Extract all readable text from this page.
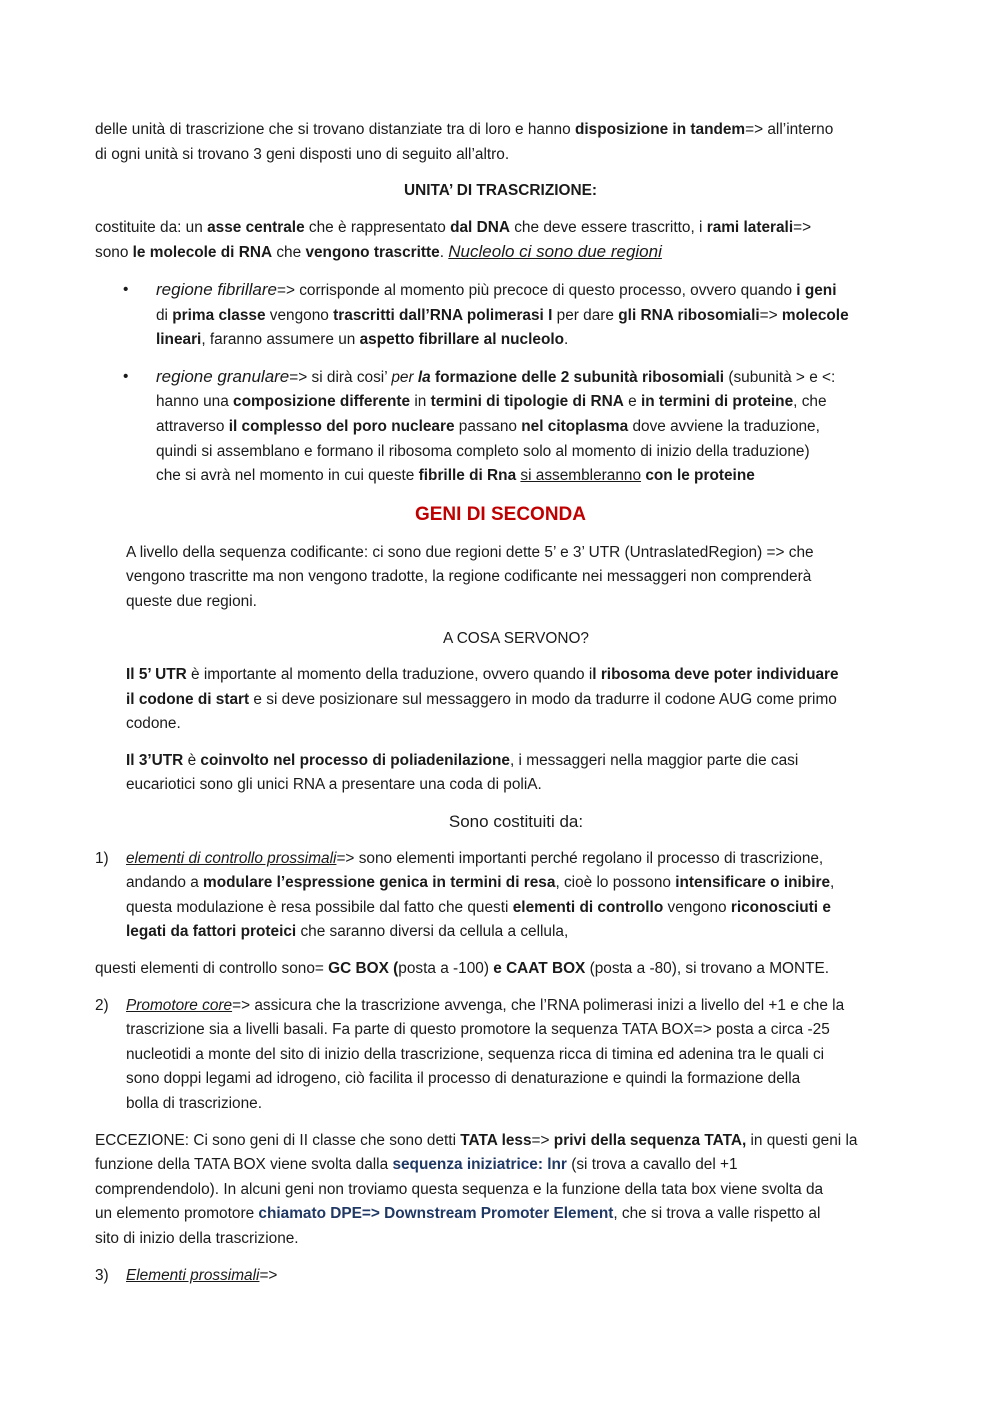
delle unità di trascrizione che si trovano distanziate tra di loro e hanno disposizione in tandem=> all’interno
di ogni unità si trovano 3 geni disposti uno di seguito all’altro.

UNITA’ DI TRASCRIZIONE:

costituite da: un asse centrale che è rappresentato dal DNA che deve essere trascritto, i rami laterali=>
sono le molecole di RNA che vengono trascritte. Nucleolo ci sono due regioni

• regione fibrillare=> corrisponde al momento più precoce di questo processo, ovvero quando i geni
di prima classe vengono trascritti dall’RNA polimerasi I per dare gli RNA ribosomiali=> molecole
lineari, faranno assumere un aspetto fibrillare al nucleolo.
• regione granulare=> si dirà cosi’ per la formazione delle 2 subunità ribosomiali (subunità > e <:
hanno una composizione differente in termini di tipologie di RNA e in termini di proteine, che
attraverso il complesso del poro nucleare passano nel citoplasma dove avviene la traduzione,
quindi si assemblano e formano il ribosoma completo solo al momento di inizio della traduzione)
che si avrà nel momento in cui queste fibrille di Rna si assembleranno con le proteine

GENI DI SECONDA

A livello della sequenza codificante: ci sono due regioni dette 5’ e 3’ UTR (UntraslatedRegion) => che
vengono trascritte ma non vengono tradotte, la regione codificante nei messaggeri non comprenderà
queste due regioni.

A COSA SERVONO?

Il 5’ UTR è importante al momento della traduzione, ovvero quando il ribosoma deve poter individuare
il codone di start e si deve posizionare sul messaggero in modo da tradurre il codone AUG come primo
codone.

Il 3’UTR è coinvolto nel processo di poliadenilazione, i messaggeri nella maggior parte die casi
eucariotici sono gli unici RNA a presentare una coda di poliA.

Sono costituiti da:

1) elementi di controllo prossimali=> sono elementi importanti perché regolano il processo di trascrizione,
andando a modulare l’espressione genica in termini di resa, cioè lo possono intensificare o inibire,
questa modulazione è resa possibile dal fatto che questi elementi di controllo vengono riconosciuti e
legati da fattori proteici che saranno diversi da cellula a cellula,

questi elementi di controllo sono= GC BOX (posta a -100) e CAAT BOX (posta a -80), si trovano a MONTE.

2) Promotore core=> assicura che la trascrizione avvenga, che l’RNA polimerasi inizi a livello del +1 e che la
trascrizione sia a livelli basali. Fa parte di questo promotore la sequenza TATA BOX=> posta a circa -25
nucleotidi a monte del sito di inizio della trascrizione, sequenza ricca di timina ed adenina tra le quali ci
sono doppi legami ad idrogeno, ciò facilita il processo di denaturazione e quindi la formazione della
bolla di trascrizione.

ECCEZIONE: Ci sono geni di II classe che sono detti TATA less=> privi della sequenza TATA, in questi geni la
funzione della TATA BOX viene svolta dalla sequenza iniziatrice: lnr (si trova a cavallo del +1
comprendendolo). In alcuni geni non troviamo questa sequenza e la funzione della tata box viene svolta da
un elemento promotore chiamato DPE=> Downstream Promoter Element, che si trova a valle rispetto al
sito di inizio della trascrizione.

3) Elementi prossimali=>
